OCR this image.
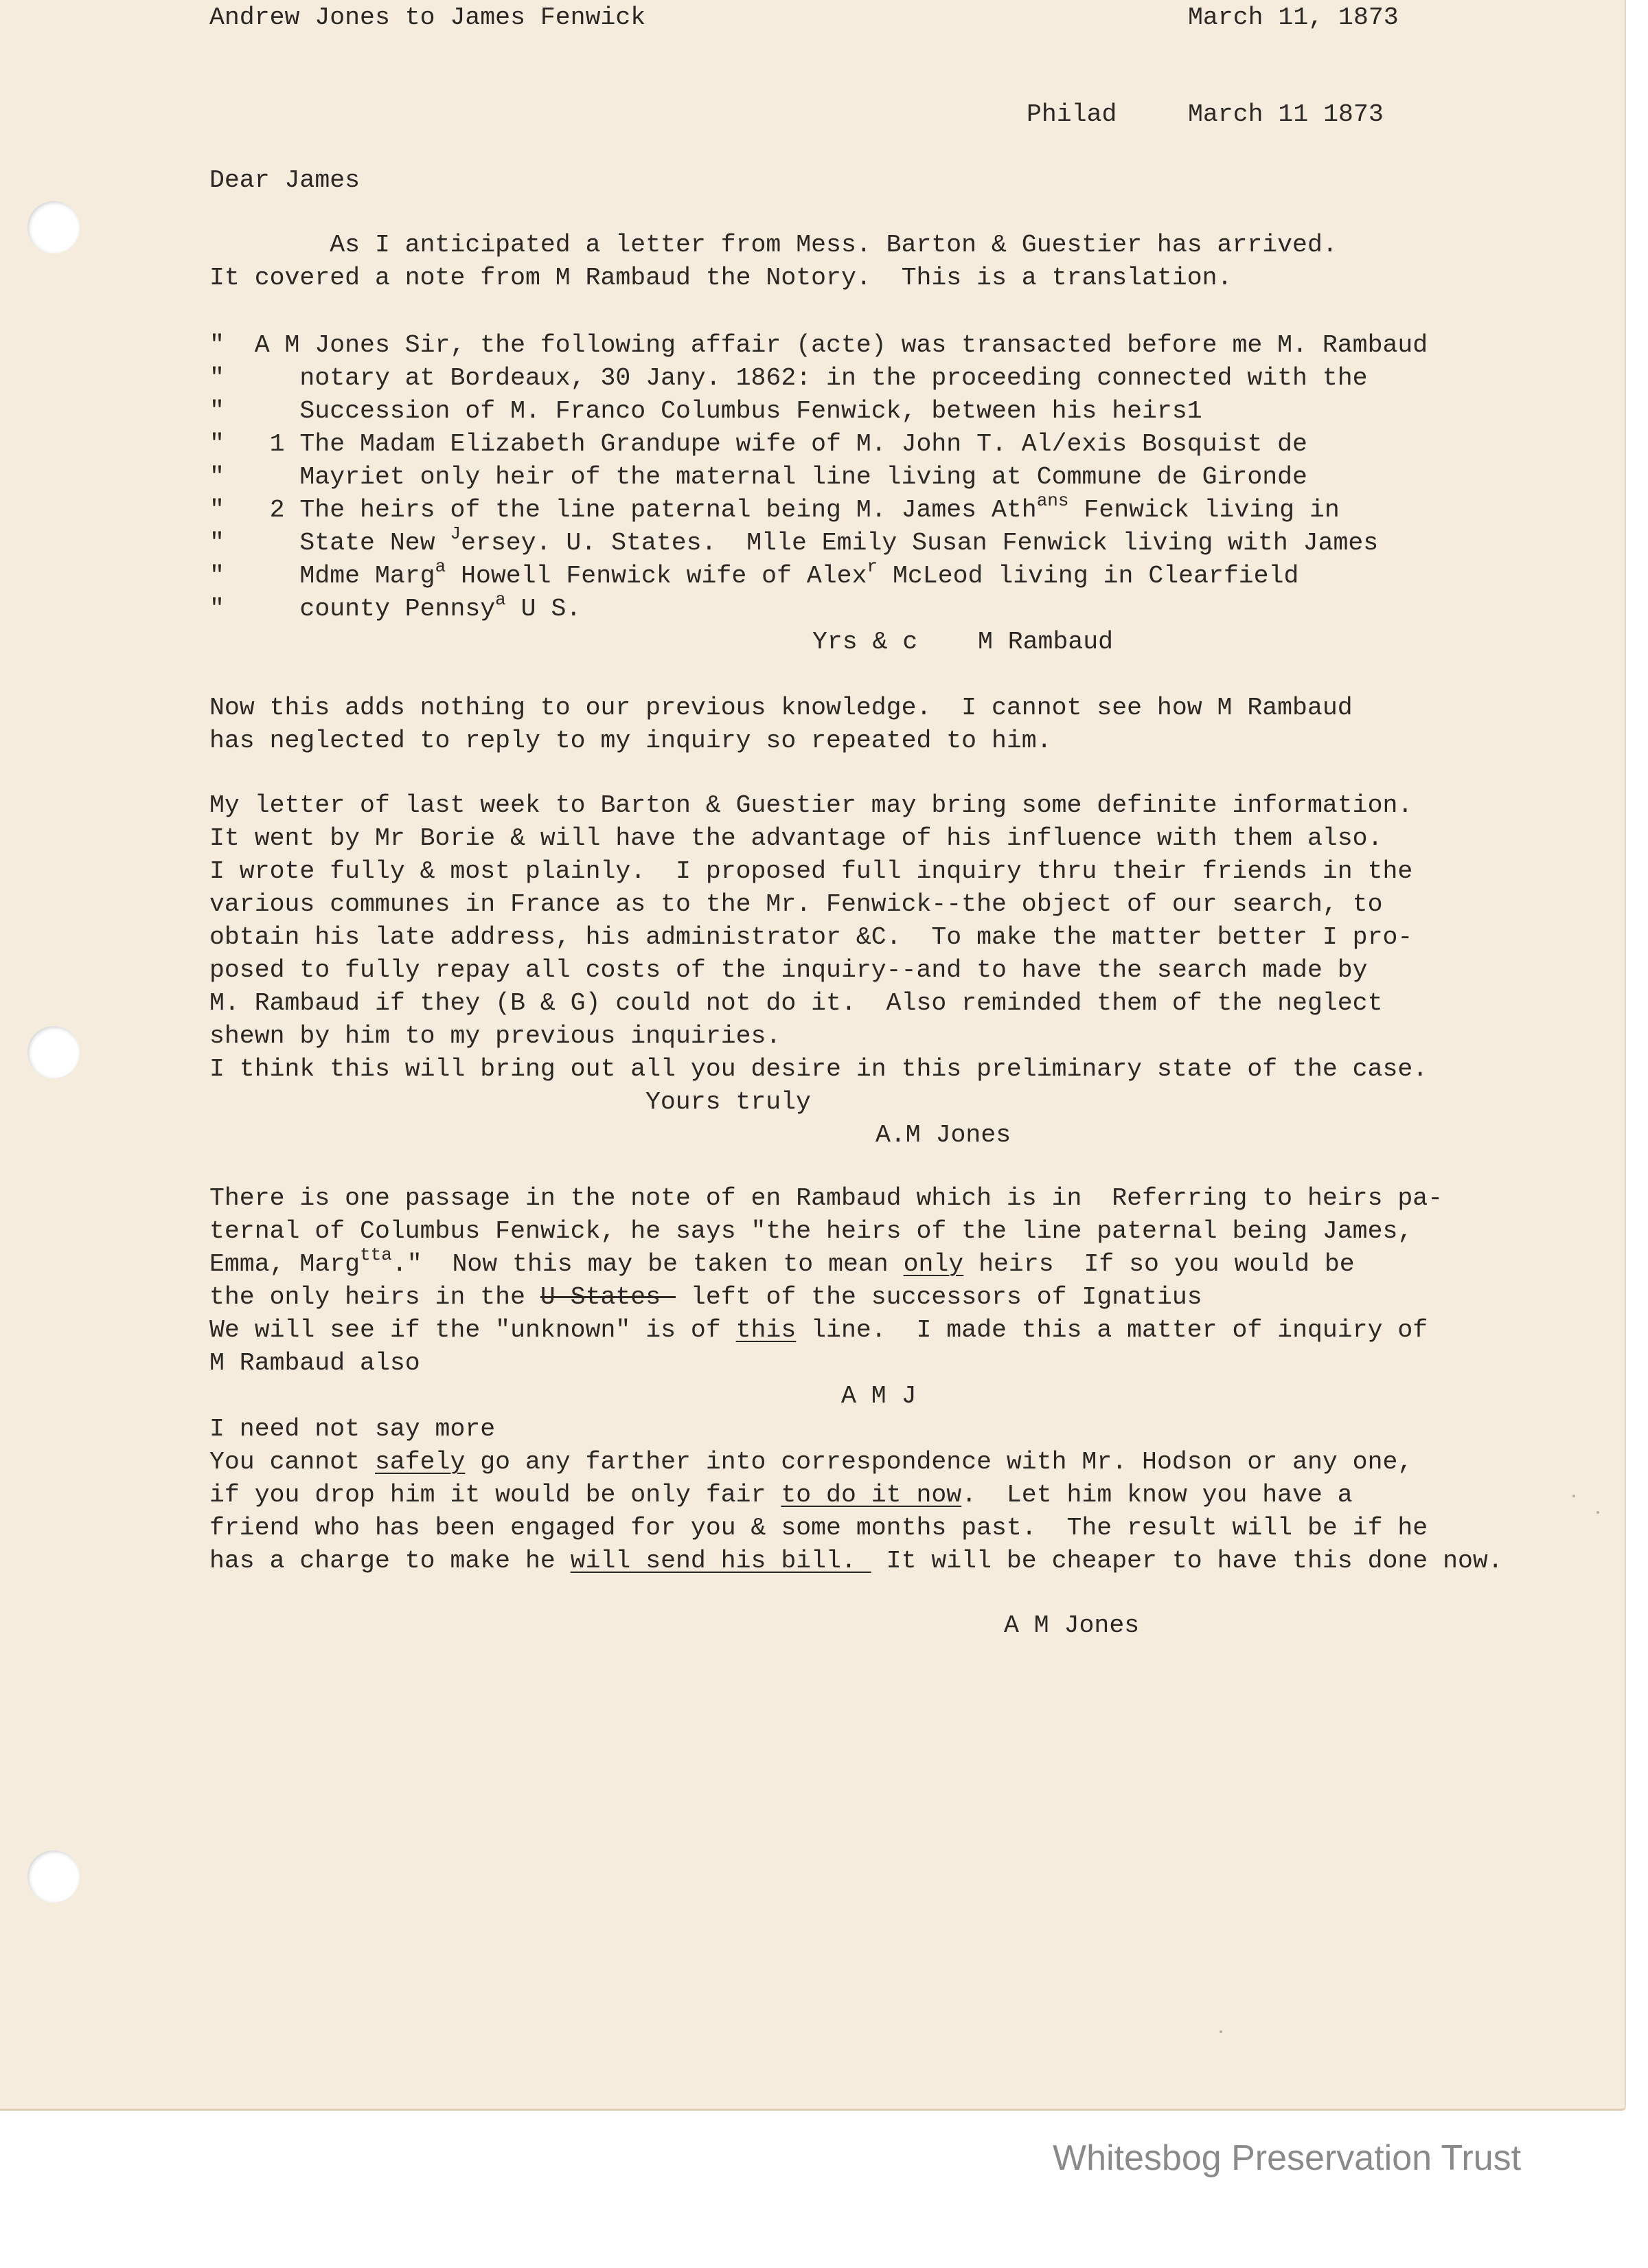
Andrew Jones to James Fenwick	March 11, 1873
Philad	March 11 1873
Dear James
As I anticipated a letter from Mess. Barton & Guestier has arrived.
It covered a note from M Rambaud the Notory.  This is a translation.
"  A M Jones Sir, the following affair (acte) was transacted before me M. Rambaud
"     notary at Bordeaux, 30 Jany. 1862: in the proceeding connected with the
"     Succession of M. Franco Columbus Fenwick, between his heirs1
"   1 The Madam Elizabeth Grandupe wife of M. John T. Al/exis Bosquist de
"     Mayriet only heir of the maternal line living at Commune de Gironde
"   2 The heirs of the line paternal being M. James Ath$^{ans}$ Fenwick living in
"     State New $^J$ersey. U. States.  Mlle Emily Susan Fenwick living with James
"     Mdme Marg$^a$ Howell Fenwick wife of Alex$^r$ McLeod living in Clearfield
"     county Pennsy$^a$ U S.
Yrs & c    M Rambaud
Now this adds nothing to our previous knowledge.  I cannot see how M Rambaud
has neglected to reply to my inquiry so repeated to him.
My letter of last week to Barton & Guestier may bring some definite information.
It went by Mr Borie & will have the advantage of his influence with them also.
I wrote fully & most plainly.  I proposed full inquiry thru their friends in the
various communes in France as to the Mr. Fenwick--the object of our search, to
obtain his late address, his administrator &C.  To make the matter better I pro-
posed to fully repay all costs of the inquiry--and to have the search made by
M. Rambaud if they (B & G) could not do it.  Also reminded them of the neglect
shewn by him to my previous inquiries.
I think this will bring out all you desire in this preliminary state of the case.
Yours truly
A.M Jones
There is one passage in the note of en Rambaud which is in  Referring to heirs pa-
ternal of Columbus Fenwick, he says "the heirs of the line paternal being James,
Emma, Marg$^{tta}$."  Now this may be taken to mean only heirs  If so you would be
the only heirs in the U-States- left of the successors of Ignatius
We will see if the "unknown" is of this line.  I made this a matter of inquiry of
M Rambaud also
A M J
I need not say more
You cannot safely go any farther into correspondence with Mr. Hodson or any one,
if you drop him it would be only fair to do it now.  Let him know you have a
friend who has been engaged for you & some months past.  The result will be if he
has a charge to make he will send his bill.  It will be cheaper to have this done now.
A M Jones
Whitesbog Preservation Trust
